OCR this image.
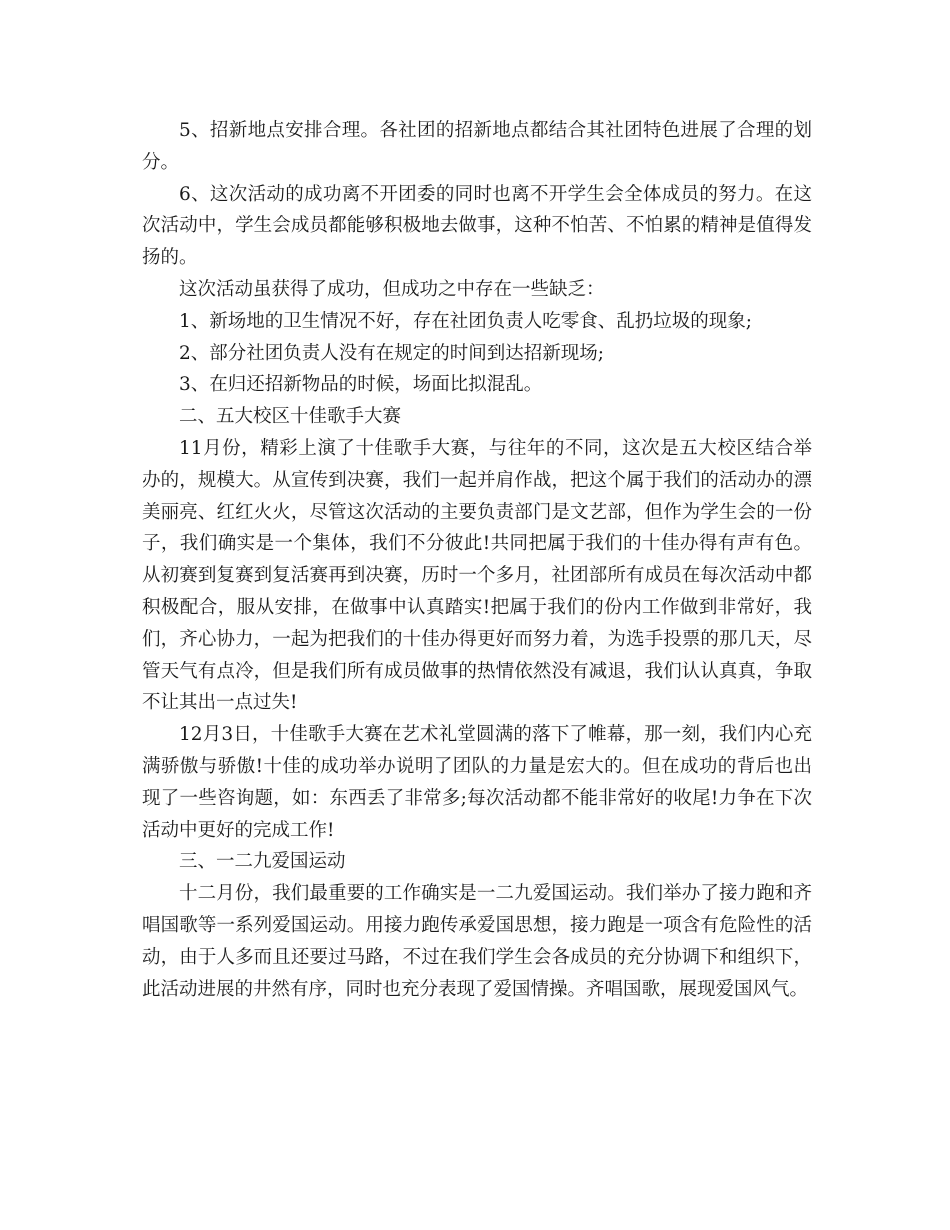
5、招新地点安排合理。各社团的招新地点都结合其社团特色进展了合理的划分。

6、这次活动的成功离不开团委的同时也离不开学生会全体成员的努力。在这次活动中，学生会成员都能够积极地去做事，这种不怕苦、不怕累的精神是值得发扬的。

这次活动虽获得了成功，但成功之中存在一些缺乏：

1、新场地的卫生情况不好，存在社团负责人吃零食、乱扔垃圾的现象;

2、部分社团负责人没有在规定的时间到达招新现场;

3、在归还招新物品的时候，场面比拟混乱。

二、五大校区十佳歌手大赛

11月份，精彩上演了十佳歌手大赛，与往年的不同，这次是五大校区结合举办的，规模大。从宣传到决赛，我们一起并肩作战，把这个属于我们的活动办的漂美丽亮、红红火火，尽管这次活动的主要负责部门是文艺部，但作为学生会的一份子，我们确实是一个集体，我们不分彼此!共同把属于我们的十佳办得有声有色。从初赛到复赛到复活赛再到决赛，历时一个多月，社团部所有成员在每次活动中都积极配合，服从安排，在做事中认真踏实!把属于我们的份内工作做到非常好，我们，齐心协力，一起为把我们的十佳办得更好而努力着，为选手投票的那几天，尽管天气有点冷，但是我们所有成员做事的热情依然没有减退，我们认认真真，争取不让其出一点过失!

12月3日，十佳歌手大赛在艺术礼堂圆满的落下了帷幕，那一刻，我们内心充满骄傲与骄傲!十佳的成功举办说明了团队的力量是宏大的。但在成功的背后也出现了一些咨询题，如：东西丢了非常多;每次活动都不能非常好的收尾!力争在下次活动中更好的完成工作!

三、一二九爱国运动

十二月份，我们最重要的工作确实是一二九爱国运动。我们举办了接力跑和齐唱国歌等一系列爱国运动。用接力跑传承爱国思想，接力跑是一项含有危险性的活动，由于人多而且还要过马路，不过在我们学生会各成员的充分协调下和组织下，此活动进展的井然有序，同时也充分表现了爱国情操。齐唱国歌，展现爱国风气。
